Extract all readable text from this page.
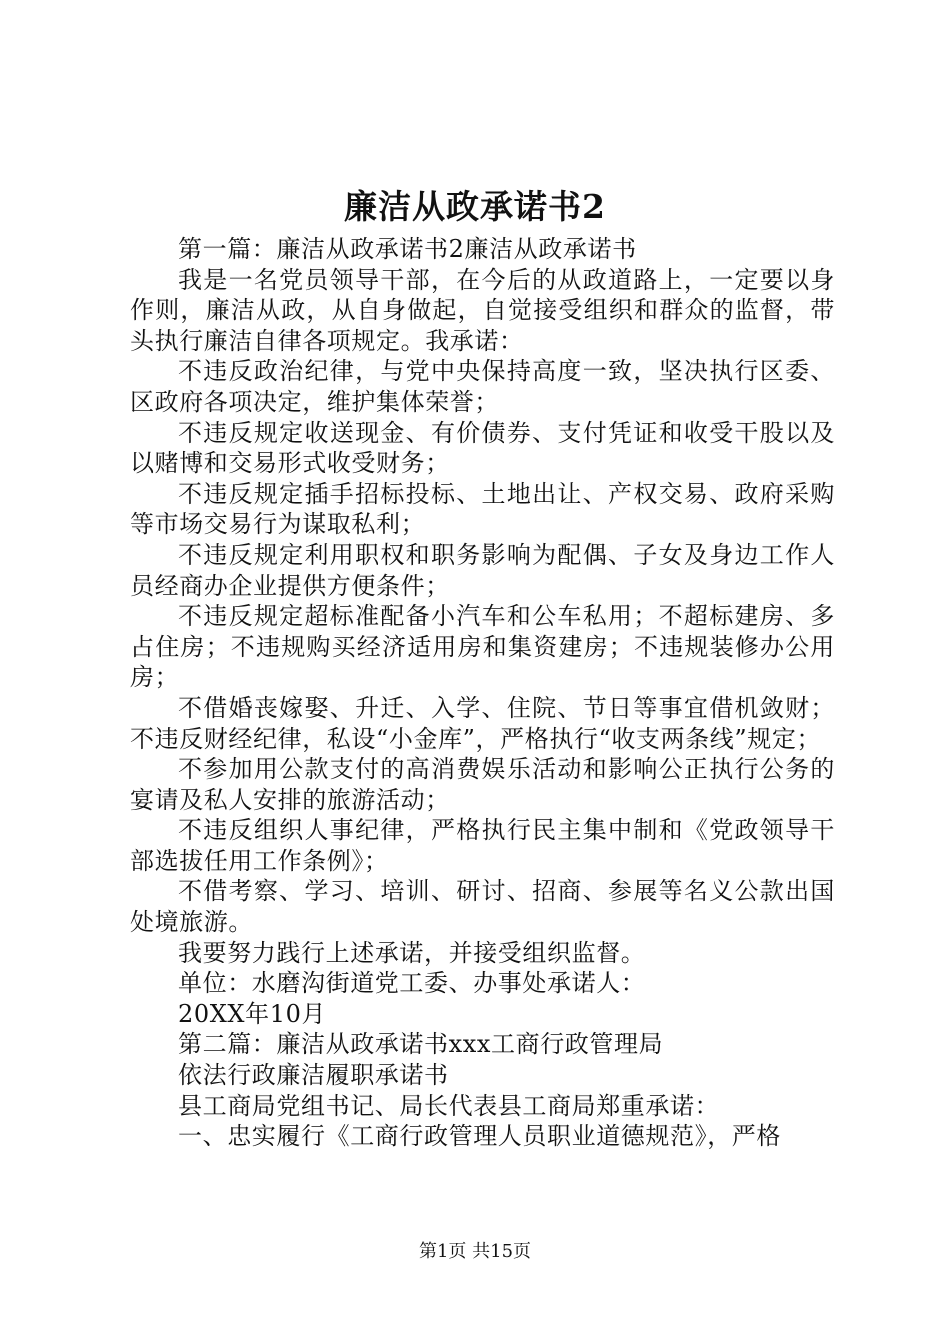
廉洁从政承诺书2

第一篇：廉洁从政承诺书2廉洁从政承诺书

我是一名党员领导干部，在今后的从政道路上，一定要以身作则，廉洁从政，从自身做起，自觉接受组织和群众的监督，带头执行廉洁自律各项规定。我承诺：

不违反政治纪律，与党中央保持高度一致，坚决执行区委、区政府各项决定，维护集体荣誉；

不违反规定收送现金、有价债券、支付凭证和收受干股以及以赌博和交易形式收受财务；

不违反规定插手招标投标、土地出让、产权交易、政府采购等市场交易行为谋取私利；

不违反规定利用职权和职务影响为配偶、子女及身边工作人员经商办企业提供方便条件；

不违反规定超标准配备小汽车和公车私用；不超标建房、多占住房；不违规购买经济适用房和集资建房；不违规装修办公用房；

不借婚丧嫁娶、升迁、入学、住院、节日等事宜借机敛财；不违反财经纪律，私设“小金库”，严格执行“收支两条线”规定；

不参加用公款支付的高消费娱乐活动和影响公正执行公务的宴请及私人安排的旅游活动；

不违反组织人事纪律，严格执行民主集中制和《党政领导干部选拔任用工作条例》；

不借考察、学习、培训、研讨、招商、参展等名义公款出国处境旅游。

我要努力践行上述承诺，并接受组织监督。

单位：水磨沟街道党工委、办事处承诺人：

20XX年10月

第二篇：廉洁从政承诺书xxx工商行政管理局

依法行政廉洁履职承诺书

县工商局党组书记、局长代表县工商局郑重承诺：

一、忠实履行《工商行政管理人员职业道德规范》，严格

第1页 共15页
